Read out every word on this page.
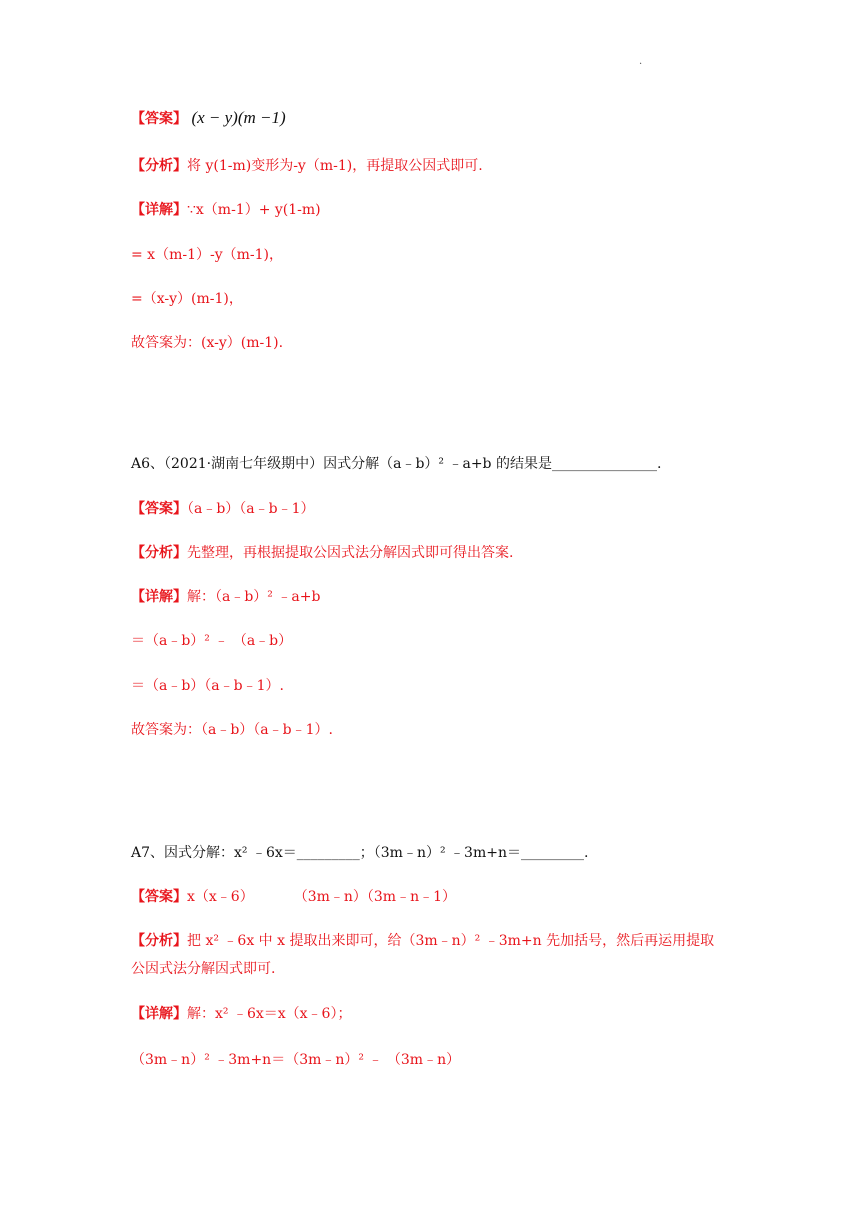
.
【答案】 (x − y)(m −1)
【分析】将 y(1-m)变形为-y（m-1)，再提取公因式即可.
【详解】∵x（m-1）+ y(1-m)
= x（m-1）-y（m-1)，
=（x-y）(m-1)，
故答案为：(x-y）(m-1).
A6、（2021·湖南七年级期中）因式分解（a﹣b）² ﹣a+b 的结果是_______________.
【答案】（a﹣b）（a﹣b﹣1）
【分析】先整理，再根据提取公因式法分解因式即可得出答案.
【详解】解：（a﹣b）² ﹣a+b
＝（a﹣b）² ﹣ （a﹣b）
＝（a﹣b）（a﹣b﹣1）.
故答案为：（a﹣b）（a﹣b﹣1）.
A7、因式分解：x² ﹣6x＝_________；（3m﹣n）² ﹣3m+n＝_________.
【答案】x（x﹣6）	（3m﹣n）（3m﹣n﹣1）
【分析】把 x² ﹣6x 中 x 提取出来即可，给（3m﹣n）² ﹣3m+n 先加括号，然后再运用提取
公因式法分解因式即可.
【详解】解：x² ﹣6x＝x（x﹣6）；
（3m﹣n）² ﹣3m+n＝（3m﹣n）² ﹣ （3m﹣n）
